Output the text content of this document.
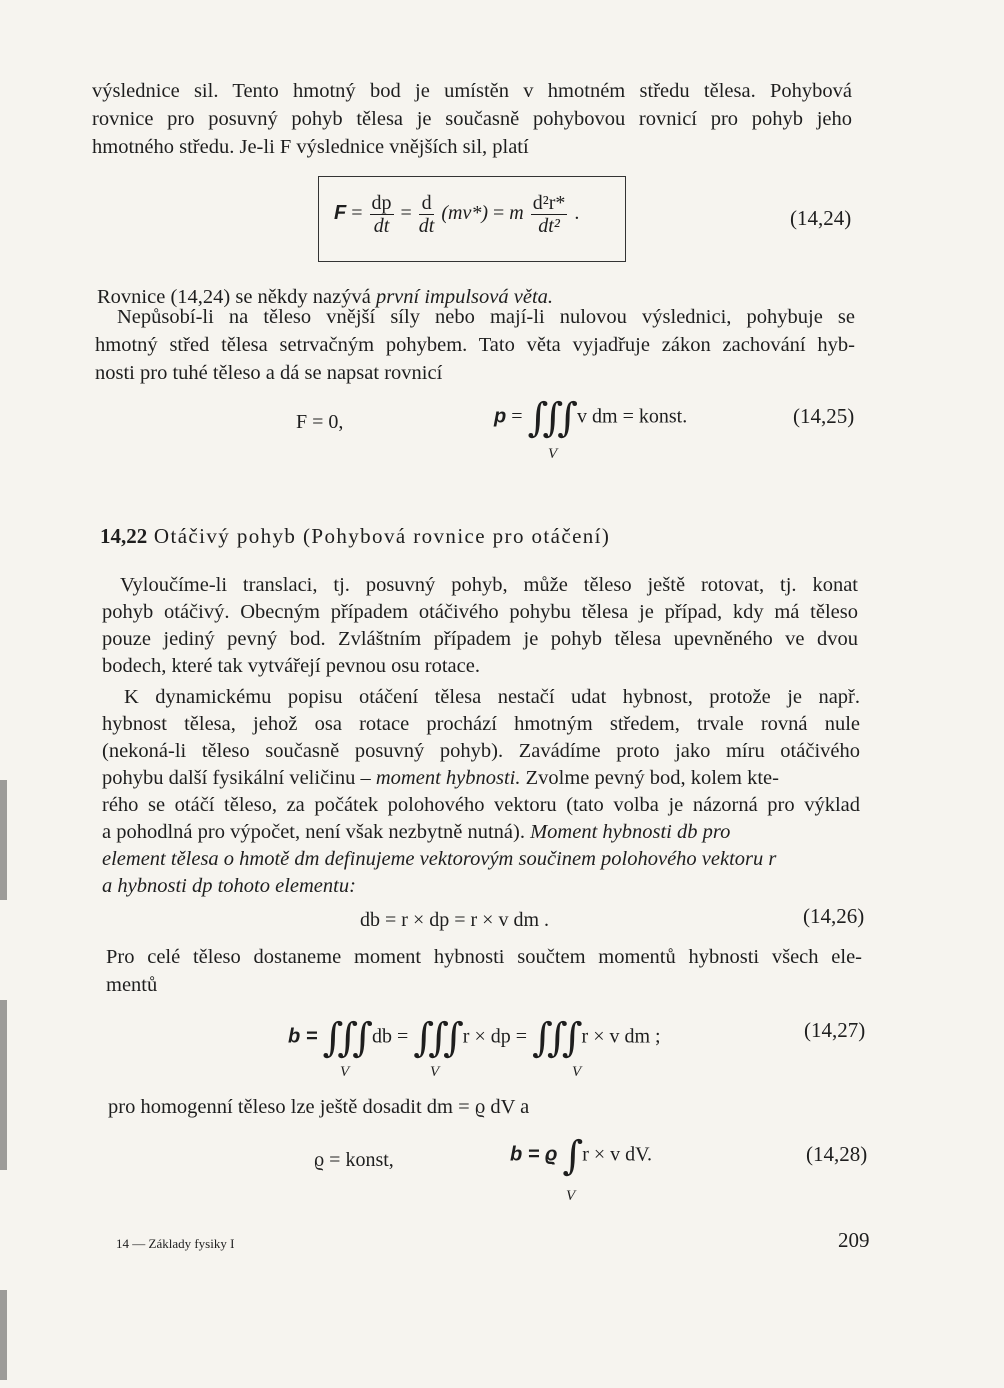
výslednice sil. Tento hmotný bod je umístěn v hmotném středu tělesa. Pohybová
rovnice pro posuvný pohyb tělesa je současně pohybovou rovnicí pro pohyb jeho
hmotného středu. Je-li F výslednice vnějších sil, platí
$F = \frac{dp}{dt} = \frac{d}{dt} (mv*) = m \frac{\text{d²r*}}{\text{dt²}}$ .	(14,24)
Rovnice (14,24) se někdy nazývá první impulsová věta.
Nepůsobí-li na těleso vnější síly nebo mají-li nulovou výslednici, pohybuje se
hmotný střed tělesa setrvačným pohybem. Tato věta vyjadřuje zákon zachování hyb-
nosti pro tuhé těleso a dá se napsat rovnicí
F = 0,	p = ∫∫∫ v dm = konst.
V
(14,25)
14,22 Otáčivý pohyb (Pohybová rovnice pro otáčení)
Vyloučíme-li translaci, tj. posuvný pohyb, může těleso ještě rotovat, tj. konat
pohyb otáčivý. Obecným případem otáčivého pohybu tělesa je případ, kdy má těleso
pouze jediný pevný bod. Zvláštním případem je pohyb tělesa upevněného ve dvou
bodech, které tak vytvářejí pevnou osu rotace.
K dynamickému popisu otáčení tělesa nestačí udat hybnost, protože je např.
hybnost tělesa, jehož osa rotace prochází hmotným středem, trvale rovná nule
(nekoná-li těleso současně posuvný pohyb). Zavádíme proto jako míru otáčivého
pohybu další fysikální veličinu – moment hybnosti. Zvolme pevný bod, kolem kte-
rého se otáčí těleso, za počátek polohového vektoru (tato volba je názorná pro výklad
a pohodlná pro výpočet, není však nezbytně nutná). Moment hybnosti db pro
element tělesa o hmotě dm definujeme vektorovým součinem polohového vektoru r
a hybnosti dp tohoto elementu:
db = r × dp = r × v dm .	(14,26)
Pro celé těleso dostaneme moment hybnosti součtem momentů hybnosti všech ele-
mentů
b = ∫∫∫ db = ∫∫∫ r × dp = ∫∫∫ r × v dm ;
V	V	V
(14,27)
pro homogenní těleso lze ještě dosadit dm = ϱ dV a
ϱ = konst,	b = ϱ ∫ r × v dV.
V
(14,28)
14 — Základy fysiky I	209
